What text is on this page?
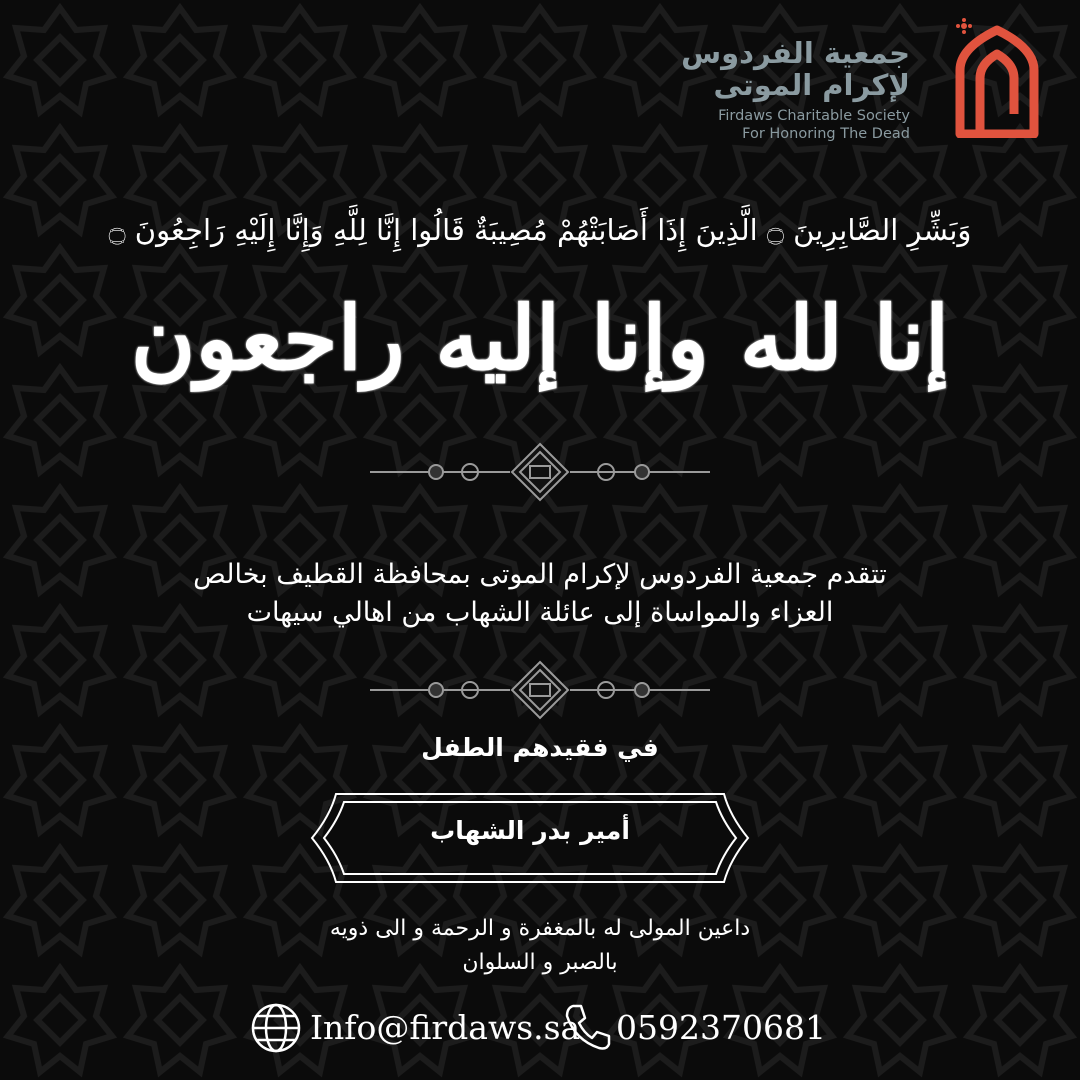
جمعية الفردوس
لإكرام الموتى
Firdaws Charitable Society
For Honoring The Dead
وَبَشِّرِ الصَّابِرِينَ ۝ الَّذِينَ إِذَا أَصَابَتْهُمْ مُصِيبَةٌ قَالُوا إِنَّا لِلَّهِ وَإِنَّا إِلَيْهِ رَاجِعُونَ ۝
إنا لله وإنا إليه راجعون
تتقدم جمعية الفردوس لإكرام الموتى بمحافظة القطيف بخالص
العزاء والمواساة إلى عائلة الشهاب من اهالي سيهات
في فقيدهم الطفل
أمير بدر الشهاب
داعين المولى له بالمغفرة و الرحمة و الى ذويه
بالصبر و السلوان
Info@firdaws.sa 0592370681
